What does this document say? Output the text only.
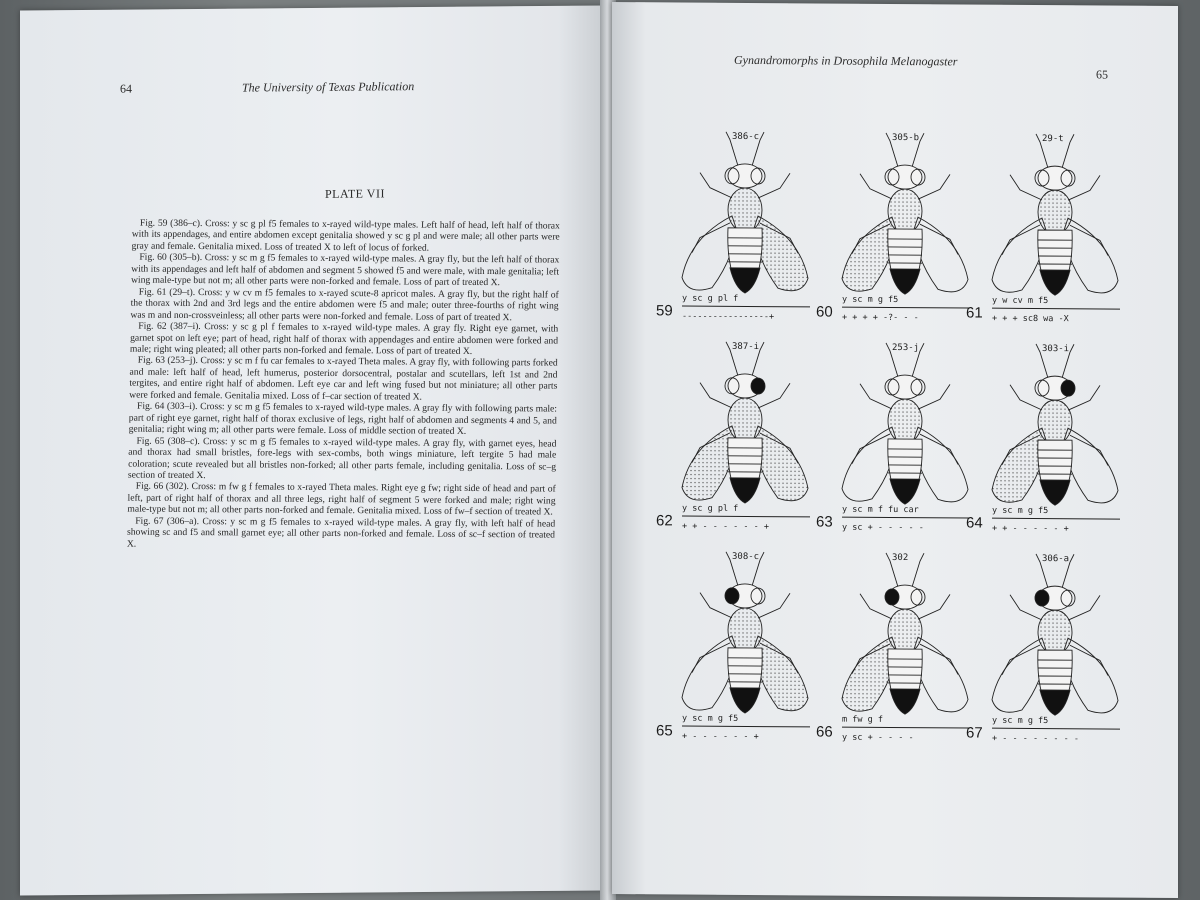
64	The University of Texas Publication
PLATE VII

Fig. 59 (386–c). Cross: y sc g pl f5 females to x-rayed wild-type males. Left half of head, left half of thorax with its appendages, and entire abdomen except genitalia showed y sc g pl and were male; all other parts were gray and female. Genitalia mixed. Loss of treated X to left of locus of forked.

Fig. 60 (305–b). Cross: y sc m g f5 females to x-rayed wild-type males. A gray fly, but the left half of thorax with its appendages and left half of abdomen and segment 5 showed f5 and were male, with male genitalia; left wing male-type but not m; all other parts were non-forked and female. Loss of part of treated X.

Fig. 61 (29–t). Cross: y w cv m f5 females to x-rayed scute-8 apricot males. A gray fly, but the right half of the thorax with 2nd and 3rd legs and the entire abdomen were f5 and male; outer three-fourths of right wing was m and non-crossveinless; all other parts were non-forked and female. Loss of part of treated X.

Fig. 62 (387–i). Cross: y sc g pl f females to x-rayed wild-type males. A gray fly. Right eye garnet, with garnet spot on left eye; part of head, right half of thorax with appendages and entire abdomen were forked and male; right wing pleated; all other parts non-forked and female. Loss of part of treated X.

Fig. 63 (253–j). Cross: y sc m f fu car females to x-rayed Theta males. A gray fly, with following parts forked and male: left half of head, left humerus, posterior dorsocentral, postalar and scutellars, left 1st and 2nd tergites, and entire right half of abdomen. Left eye car and left wing fused but not miniature; all other parts were forked and female. Genitalia mixed. Loss of f–car section of treated X.

Fig. 64 (303–i). Cross: y sc m g f5 females to x-rayed wild-type males. A gray fly with following parts male: part of right eye garnet, right half of thorax exclusive of legs, right half of abdomen and segments 4 and 5, and genitalia; right wing m; all other parts were female. Loss of middle section of treated X.

Fig. 65 (308–c). Cross: y sc m g f5 females to x-rayed wild-type males. A gray fly, with garnet eyes, head and thorax had small bristles, fore-legs with sex-combs, both wings miniature, left tergite 5 had male coloration; scute revealed but all bristles non-forked; all other parts female, including genitalia. Loss of sc–g section of treated X.

Fig. 66 (302). Cross: m fw g f females to x-rayed Theta males. Right eye g fw; right side of head and part of left, part of right half of thorax and all three legs, right half of segment 5 were forked and male; right wing male-type but not m; all other parts non-forked and female. Genitalia mixed. Loss of fw–f section of treated X.

Fig. 67 (306–a). Cross: y sc m g f5 females to x-rayed wild-type males. A gray fly, with left half of head showing sc and f5 and small garnet eye; all other parts non-forked and female. Loss of sc–f section of treated X.

Gynandromorphs in Drosophila Melanogaster
65
386-c
59
y sc g pl f
-----------------+
305-b
60
y sc m g f5
+ + + + -?- - -
29-t
61
y w cv m f5
+ + + sc8 wa -X
387-i
62
y sc g pl f
+ + - - - - - - +
253-j
63
y sc m f fu car
y sc + - - - - -
303-i
64
y sc m g f5
+ + - - - - - +
308-c
65
y sc m g f5
+ - - - - - - +
302
66
m fw g f
y sc + - - - -
306-a
67
y sc m g f5
+ - - - - - - - -
